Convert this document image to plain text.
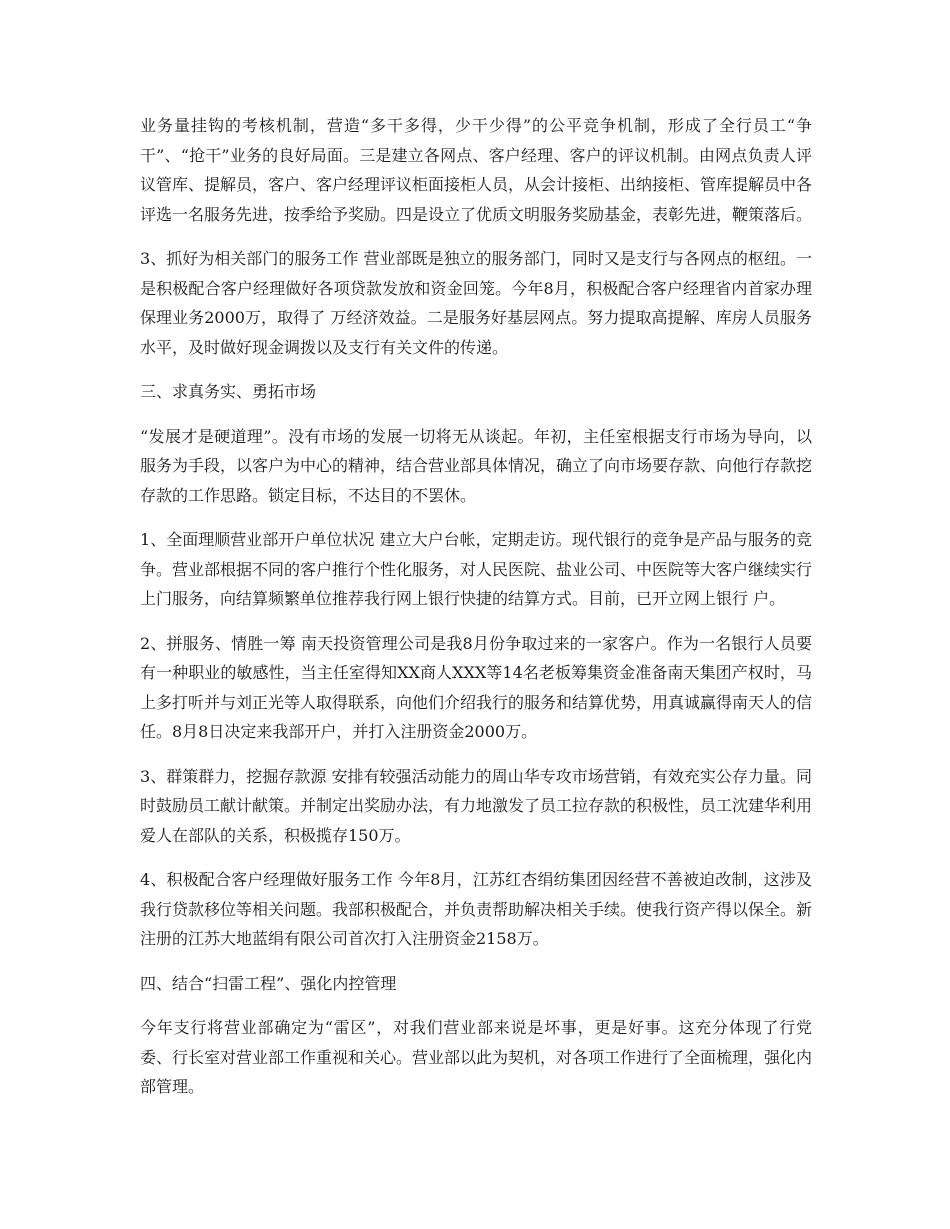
业务量挂钩的考核机制，营造“多干多得，少干少得”的公平竞争机制，形成了全行员工“争干”、“抢干”业务的良好局面。三是建立各网点、客户经理、客户的评议机制。由网点负责人评议管库、提解员，客户、客户经理评议柜面接柜人员，从会计接柜、出纳接柜、管库提解员中各评选一名服务先进，按季给予奖励。四是设立了优质文明服务奖励基金，表彰先进，鞭策落后。

3、抓好为相关部门的服务工作 营业部既是独立的服务部门，同时又是支行与各网点的枢纽。一是积极配合客户经理做好各项贷款发放和资金回笼。今年8月，积极配合客户经理省内首家办理保理业务2000万，取得了 万经济效益。二是服务好基层网点。努力提取高提解、库房人员服务水平，及时做好现金调拨以及支行有关文件的传递。

三、求真务实、勇拓市场

“发展才是硬道理”。没有市场的发展一切将无从谈起。年初，主任室根据支行市场为导向，以服务为手段，以客户为中心的精神，结合营业部具体情况，确立了向市场要存款、向他行存款挖存款的工作思路。锁定目标，不达目的不罢休。

1、全面理顺营业部开户单位状况 建立大户台帐，定期走访。现代银行的竞争是产品与服务的竞争。营业部根据不同的客户推行个性化服务，对人民医院、盐业公司、中医院等大客户继续实行上门服务，向结算频繁单位推荐我行网上银行快捷的结算方式。目前，已开立网上银行 户。

2、拼服务、情胜一筹 南天投资管理公司是我8月份争取过来的一家客户。作为一名银行人员要有一种职业的敏感性，当主任室得知XX商人XXX等14名老板筹集资金准备南天集团产权时，马上多打听并与刘正光等人取得联系，向他们介绍我行的服务和结算优势，用真诚赢得南天人的信任。8月8日决定来我部开户，并打入注册资金2000万。

3、群策群力，挖掘存款源 安排有较强活动能力的周山华专攻市场营销，有效充实公存力量。同时鼓励员工献计献策。并制定出奖励办法，有力地激发了员工拉存款的积极性，员工沈建华利用爱人在部队的关系，积极揽存150万。

4、积极配合客户经理做好服务工作 今年8月，江苏红杏绢纺集团因经营不善被迫改制，这涉及我行贷款移位等相关问题。我部积极配合，并负责帮助解决相关手续。使我行资产得以保全。新注册的江苏大地蓝绢有限公司首次打入注册资金2158万。

四、结合“扫雷工程”、强化内控管理

今年支行将营业部确定为“雷区”，对我们营业部来说是坏事，更是好事。这充分体现了行党委、行长室对营业部工作重视和关心。营业部以此为契机，对各项工作进行了全面梳理，强化内部管理。
